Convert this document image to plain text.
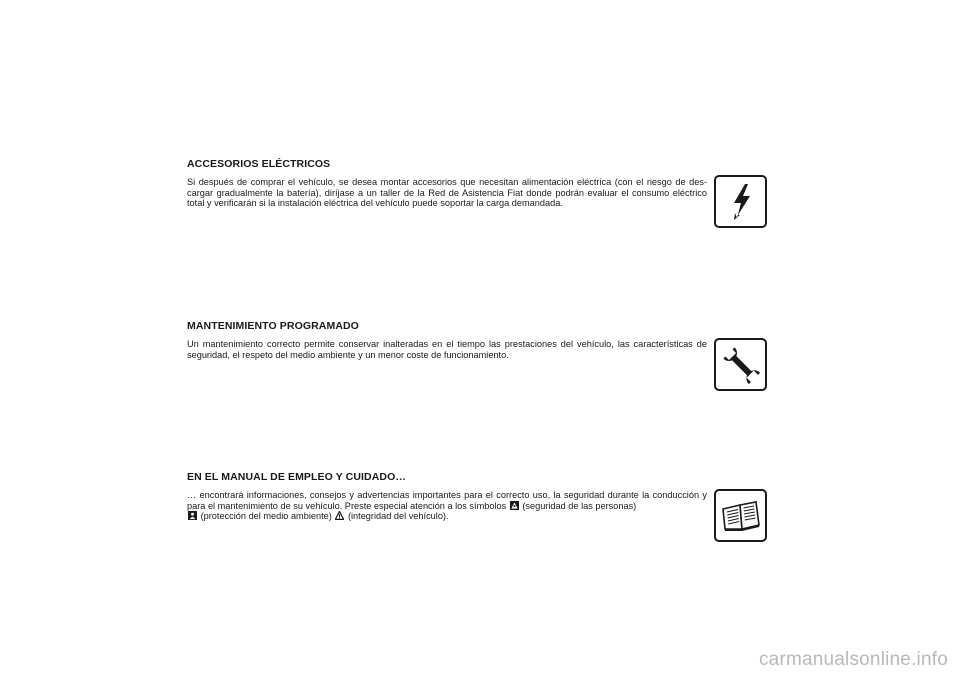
ACCESORIOS ELÉCTRICOS

Si después de comprar el vehículo, se desea montar accesorios que necesitan alimentación eléctrica (con el riesgo de descargar gradualmente la batería), diríjase a un taller de la Red de Asistencia Fiat donde podrán evaluar el consumo eléctrico total y verificarán si la instalación eléctrica del vehículo puede soportar la carga demandada.

MANTENIMIENTO PROGRAMADO

Un mantenimiento correcto permite conservar inalteradas en el tiempo las prestaciones del vehículo, las características de seguridad, el respeto del medio ambiente y un menor coste de funcionamiento.

EN EL MANUAL DE EMPLEO Y CUIDADO…

… encontrará informaciones, consejos y advertencias importantes para el correcto uso, la seguridad durante la conducción y para el mantenimiento de su vehículo. Preste especial atención a los símbolos (seguridad de las personas)
(protección del medio ambiente) (integridad del vehículo).

carmanualsonline.info
